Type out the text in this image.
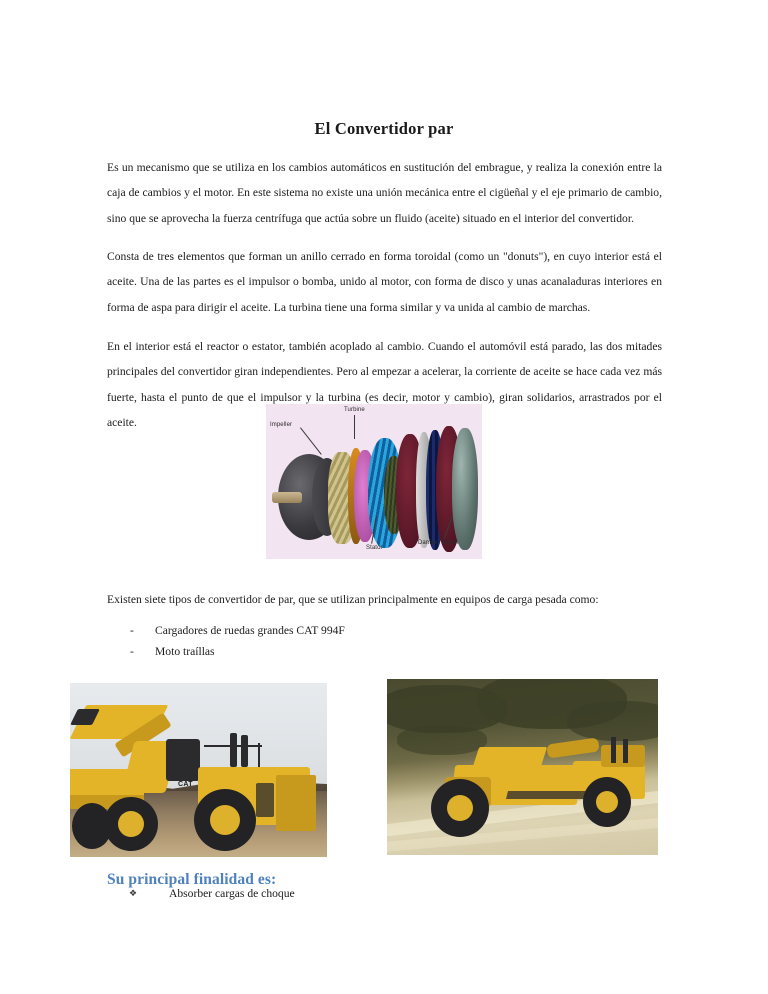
El Convertidor par

Es un mecanismo que se utiliza en los cambios automáticos en sustitución del embrague, y realiza la conexión entre la caja de cambios y el motor. En este sistema no existe una unión mecánica entre el cigüeñal y el eje primario de cambio, sino que se aprovecha la fuerza centrífuga que actúa sobre un fluido (aceite) situado en el interior del convertidor.

Consta de tres elementos que forman un anillo cerrado en forma toroidal (como un "donuts"), en cuyo interior está el aceite. Una de las partes es el impulsor o bomba, unido al motor, con forma de disco y unas acanaladuras interiores en forma de aspa para dirigir el aceite. La turbina tiene una forma similar y va unida al cambio de marchas.

En el interior está el reactor o estator, también acoplado al cambio. Cuando el automóvil está parado, las dos mitades principales del convertidor giran independientes. Pero al empezar a acelerar, la corriente de aceite se hace cada vez más fuerte, hasta el punto de que el impulsor y la turbina (es decir, motor y cambio), giran solidarios, arrastrados por el aceite.

Turbine
Impeller
Stator
Damper clutch

Existen siete tipos de convertidor de par, que se utilizan principalmente en equipos de carga pesada como:

- Cargadores de ruedas grandes CAT 994F
- Moto traíllas
CAT
Su principal finalidad es:
❖	Absorber cargas de choque
